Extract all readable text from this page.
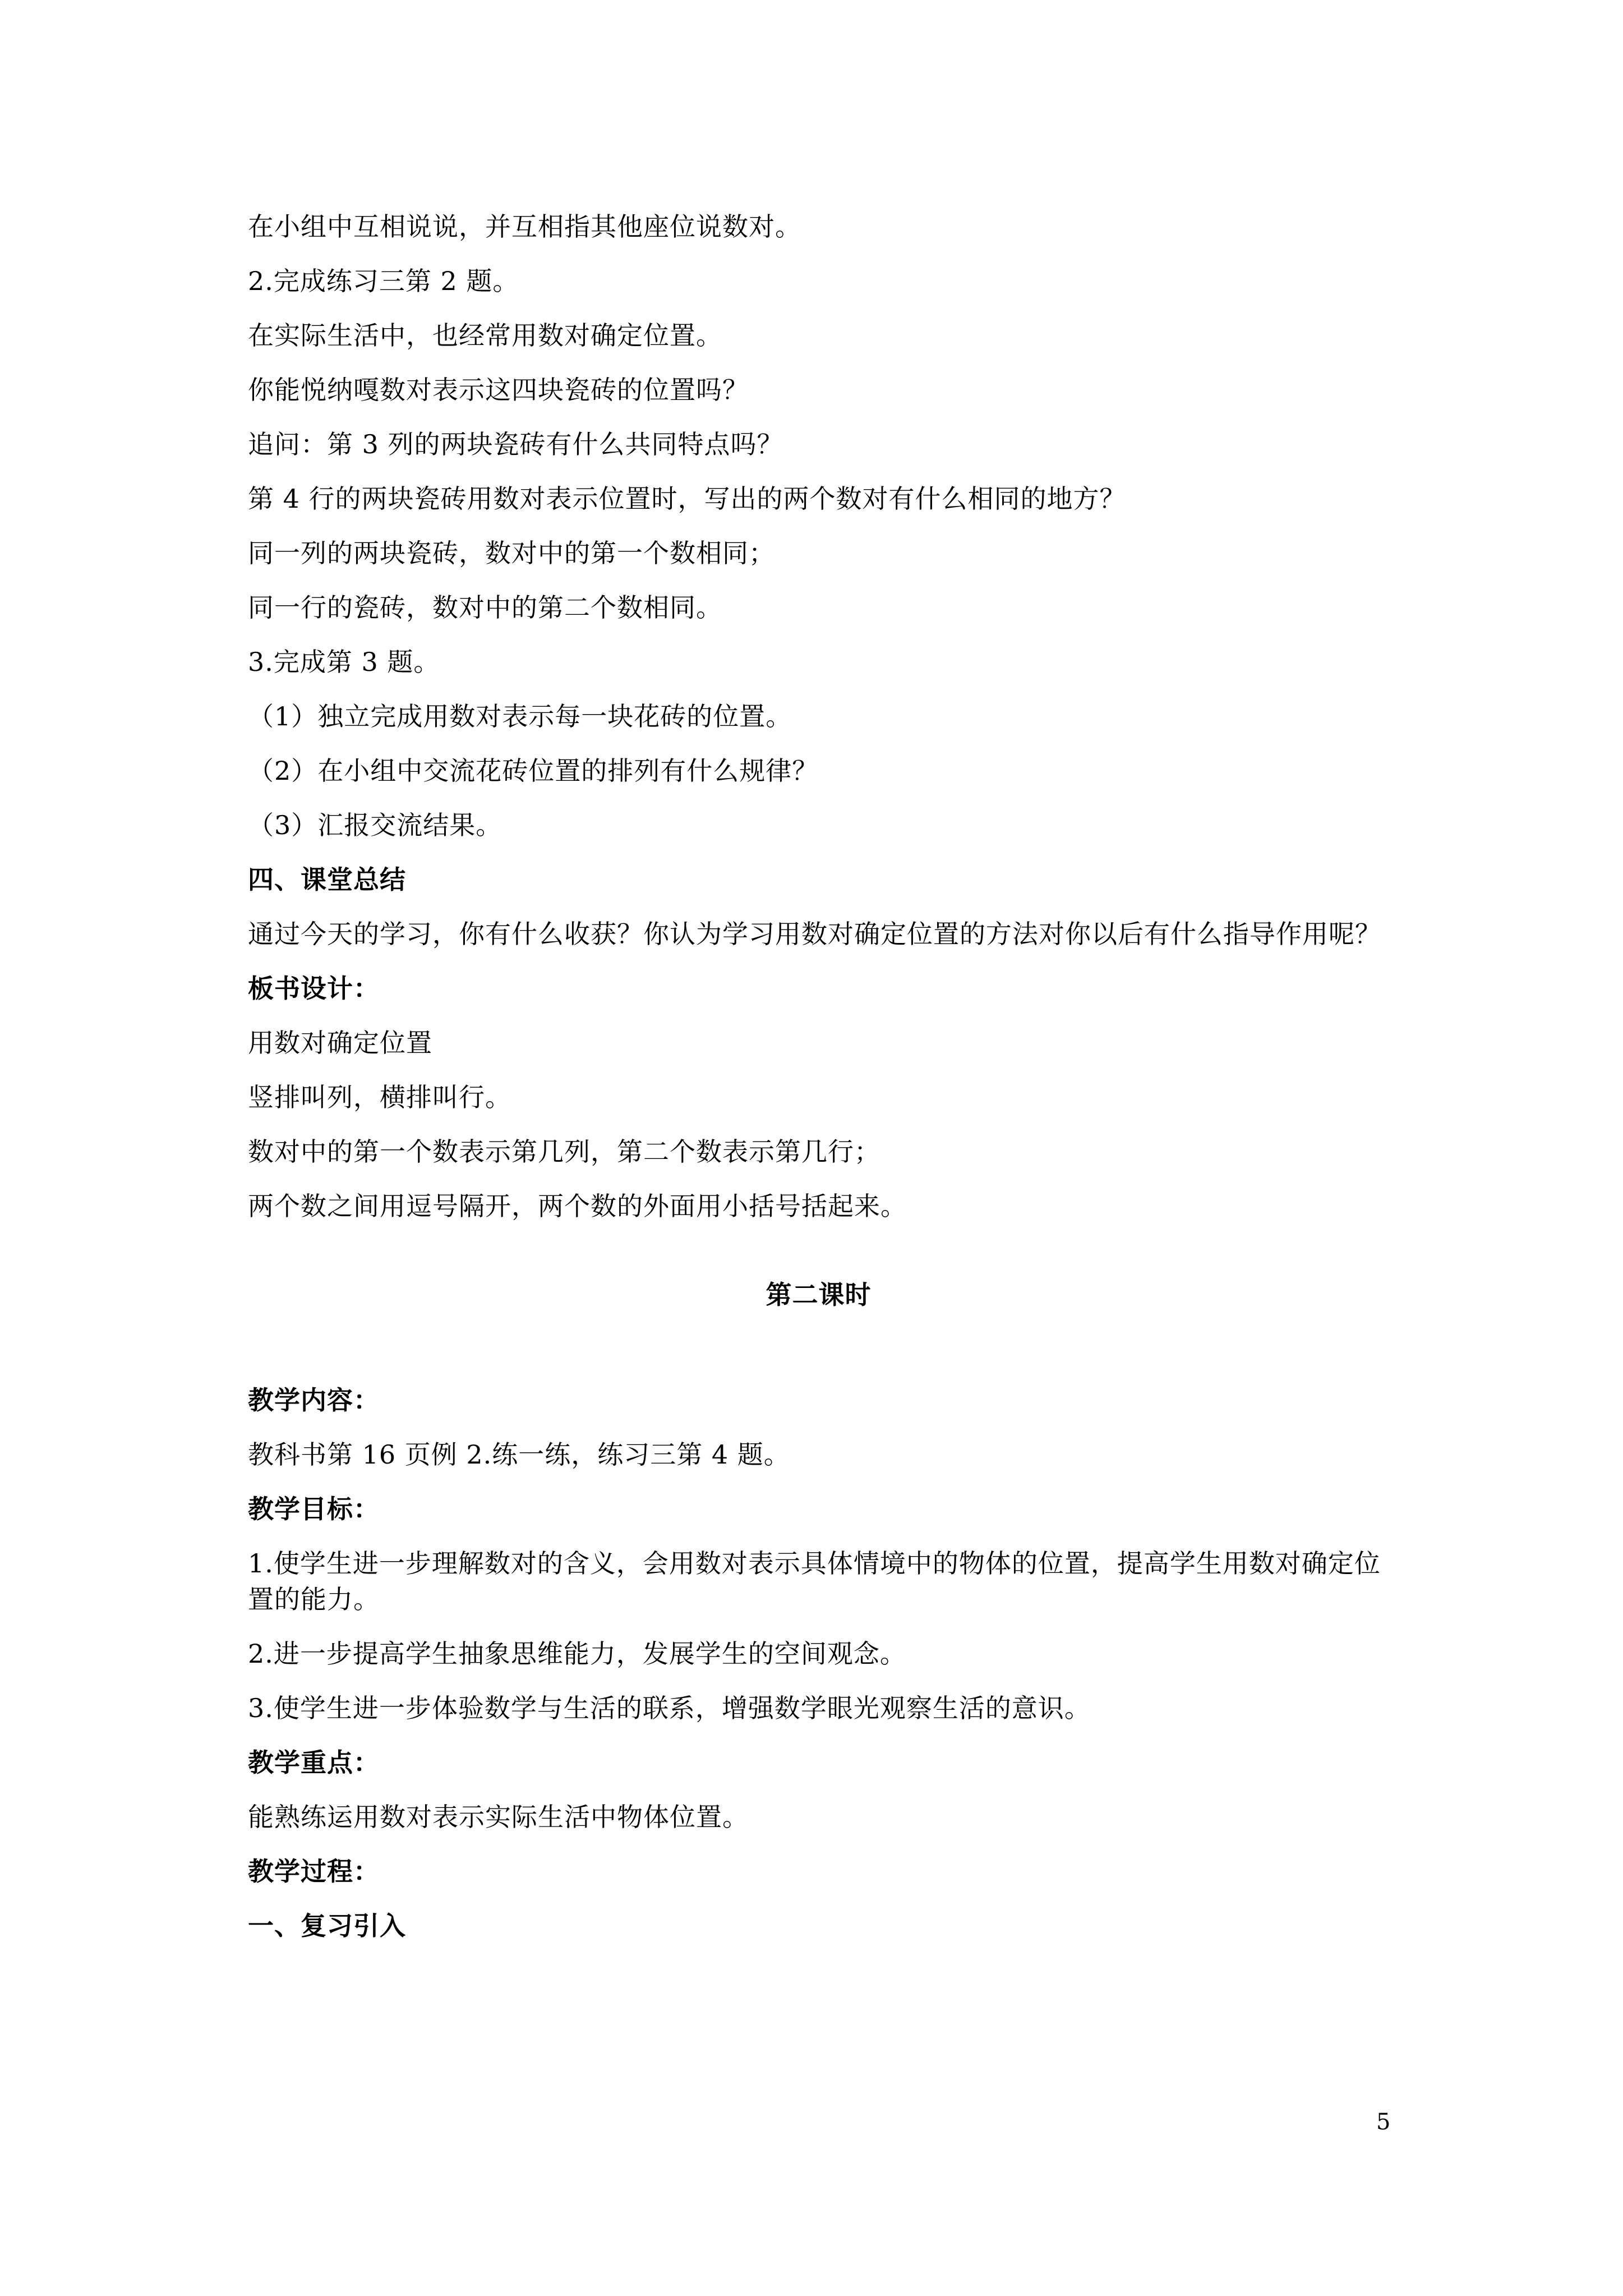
在小组中互相说说，并互相指其他座位说数对。
2.完成练习三第 2 题。
在实际生活中，也经常用数对确定位置。
你能悦纳嘎数对表示这四块瓷砖的位置吗？
追问：第 3 列的两块瓷砖有什么共同特点吗？
第 4 行的两块瓷砖用数对表示位置时，写出的两个数对有什么相同的地方？
同一列的两块瓷砖，数对中的第一个数相同；
同一行的瓷砖，数对中的第二个数相同。
3.完成第 3 题。
（1）独立完成用数对表示每一块花砖的位置。
（2）在小组中交流花砖位置的排列有什么规律？
（3）汇报交流结果。
四、课堂总结
通过今天的学习，你有什么收获？你认为学习用数对确定位置的方法对你以后有什么指导作用呢？
板书设计：
用数对确定位置
竖排叫列，横排叫行。
数对中的第一个数表示第几列，第二个数表示第几行；
两个数之间用逗号隔开，两个数的外面用小括号括起来。
第二课时
教学内容：
教科书第 16 页例 2.练一练，练习三第 4 题。
教学目标：
1.使学生进一步理解数对的含义，会用数对表示具体情境中的物体的位置，提高学生用数对确定位置的能力。
2.进一步提高学生抽象思维能力，发展学生的空间观念。
3.使学生进一步体验数学与生活的联系，增强数学眼光观察生活的意识。
教学重点：
能熟练运用数对表示实际生活中物体位置。
教学过程：
一、复习引入
5
